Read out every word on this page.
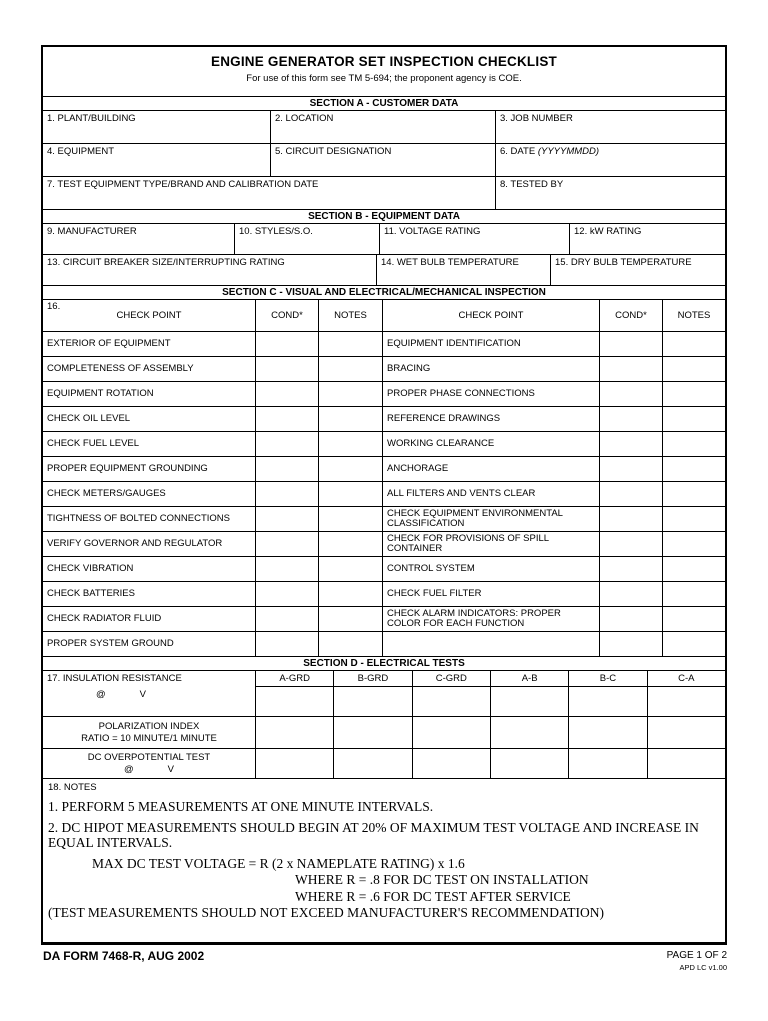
ENGINE GENERATOR SET INSPECTION CHECKLIST
For use of this form see TM 5-694; the proponent agency is COE.
SECTION A - CUSTOMER DATA
1. PLANT/BUILDING	2. LOCATION	3. JOB NUMBER
4. EQUIPMENT	5. CIRCUIT DESIGNATION	6. DATE (YYYYMMDD)
7. TEST EQUIPMENT TYPE/BRAND AND CALIBRATION DATE	8. TESTED BY
SECTION B - EQUIPMENT DATA
9. MANUFACTURER	10. STYLES/S.O.	11. VOLTAGE RATING	12. kW RATING
13. CIRCUIT BREAKER SIZE/INTERRUPTING RATING	14. WET BULB TEMPERATURE	15. DRY BULB TEMPERATURE
SECTION C - VISUAL AND ELECTRICAL/MECHANICAL INSPECTION
16.
CHECK POINT	COND*	NOTES	CHECK POINT	COND*	NOTES
EXTERIOR OF EQUIPMENT	EQUIPMENT IDENTIFICATION
COMPLETENESS OF ASSEMBLY	BRACING
EQUIPMENT ROTATION	PROPER PHASE CONNECTIONS
CHECK OIL LEVEL	REFERENCE DRAWINGS
CHECK FUEL LEVEL	WORKING CLEARANCE
PROPER EQUIPMENT GROUNDING	ANCHORAGE
CHECK METERS/GAUGES	ALL FILTERS AND VENTS CLEAR
TIGHTNESS OF BOLTED CONNECTIONS	CHECK EQUIPMENT ENVIRONMENTAL CLASSIFICATION
VERIFY GOVERNOR AND REGULATOR	CHECK FOR PROVISIONS OF SPILL CONTAINER
CHECK VIBRATION	CONTROL SYSTEM
CHECK BATTERIES	CHECK FUEL FILTER
CHECK RADIATOR FLUID	CHECK ALARM INDICATORS: PROPER COLOR FOR EACH FUNCTION
PROPER SYSTEM GROUND
SECTION D - ELECTRICAL TESTS
17. INSULATION RESISTANCE
@	V
A-GRD	B-GRD	C-GRD	A-B	B-C	C-A
POLARIZATION INDEX
RATIO = 10 MINUTE/1 MINUTE
DC OVERPOTENTIAL TEST
@	V
18. NOTES

1. PERFORM 5 MEASUREMENTS AT ONE MINUTE INTERVALS.

2. DC HIPOT MEASUREMENTS SHOULD BEGIN AT 20% OF MAXIMUM TEST VOLTAGE AND INCREASE IN EQUAL INTERVALS.

MAX DC TEST VOLTAGE = R (2 x NAMEPLATE RATING) x 1.6

WHERE R = .8 FOR DC TEST ON INSTALLATION

WHERE R = .6 FOR DC TEST AFTER SERVICE

(TEST MEASUREMENTS SHOULD NOT EXCEED MANUFACTURER'S RECOMMENDATION)

DA FORM 7468-R, AUG 2002	PAGE 1 OF 2
APD LC v1.00
